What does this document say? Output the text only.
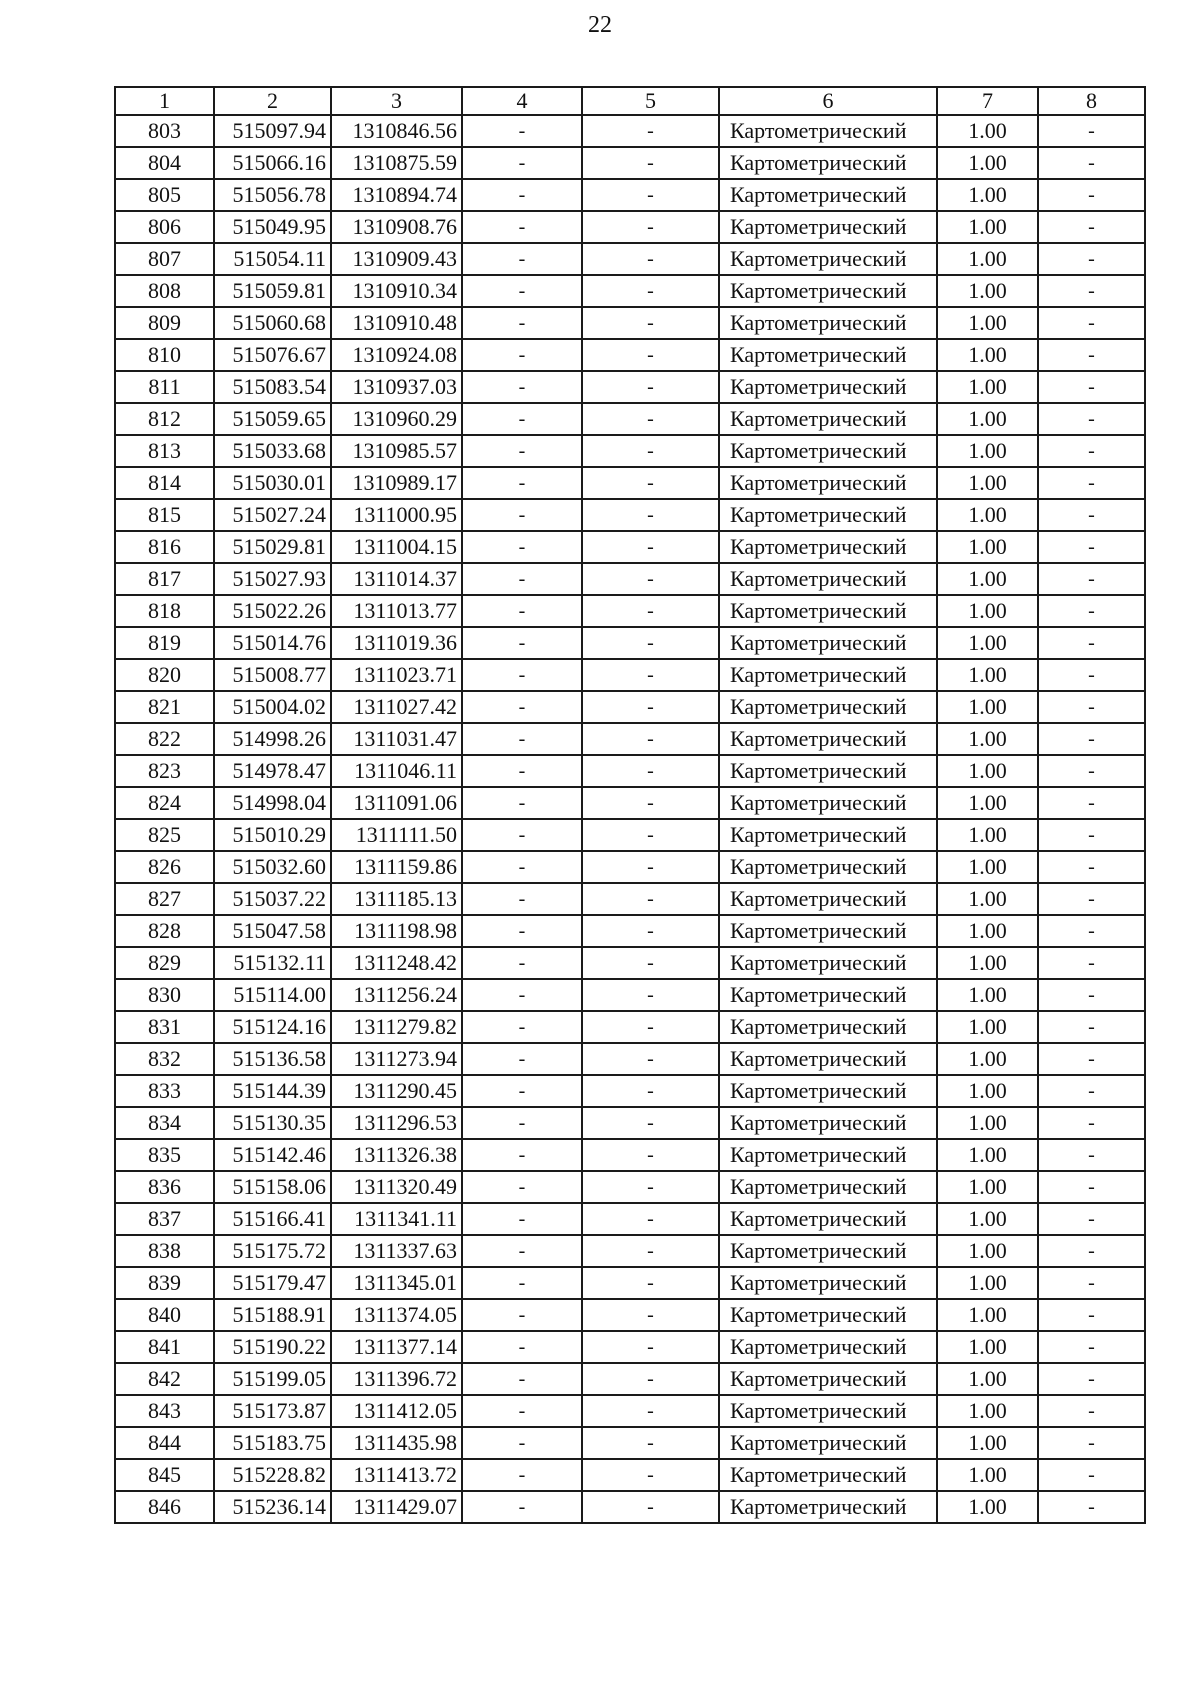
22
1	2	3	4	5	6	7	8
803	515097.94	1310846.56	-	-	Картометрический	1.00	-
804	515066.16	1310875.59	-	-	Картометрический	1.00	-
805	515056.78	1310894.74	-	-	Картометрический	1.00	-
806	515049.95	1310908.76	-	-	Картометрический	1.00	-
807	515054.11	1310909.43	-	-	Картометрический	1.00	-
808	515059.81	1310910.34	-	-	Картометрический	1.00	-
809	515060.68	1310910.48	-	-	Картометрический	1.00	-
810	515076.67	1310924.08	-	-	Картометрический	1.00	-
811	515083.54	1310937.03	-	-	Картометрический	1.00	-
812	515059.65	1310960.29	-	-	Картометрический	1.00	-
813	515033.68	1310985.57	-	-	Картометрический	1.00	-
814	515030.01	1310989.17	-	-	Картометрический	1.00	-
815	515027.24	1311000.95	-	-	Картометрический	1.00	-
816	515029.81	1311004.15	-	-	Картометрический	1.00	-
817	515027.93	1311014.37	-	-	Картометрический	1.00	-
818	515022.26	1311013.77	-	-	Картометрический	1.00	-
819	515014.76	1311019.36	-	-	Картометрический	1.00	-
820	515008.77	1311023.71	-	-	Картометрический	1.00	-
821	515004.02	1311027.42	-	-	Картометрический	1.00	-
822	514998.26	1311031.47	-	-	Картометрический	1.00	-
823	514978.47	1311046.11	-	-	Картометрический	1.00	-
824	514998.04	1311091.06	-	-	Картометрический	1.00	-
825	515010.29	1311111.50	-	-	Картометрический	1.00	-
826	515032.60	1311159.86	-	-	Картометрический	1.00	-
827	515037.22	1311185.13	-	-	Картометрический	1.00	-
828	515047.58	1311198.98	-	-	Картометрический	1.00	-
829	515132.11	1311248.42	-	-	Картометрический	1.00	-
830	515114.00	1311256.24	-	-	Картометрический	1.00	-
831	515124.16	1311279.82	-	-	Картометрический	1.00	-
832	515136.58	1311273.94	-	-	Картометрический	1.00	-
833	515144.39	1311290.45	-	-	Картометрический	1.00	-
834	515130.35	1311296.53	-	-	Картометрический	1.00	-
835	515142.46	1311326.38	-	-	Картометрический	1.00	-
836	515158.06	1311320.49	-	-	Картометрический	1.00	-
837	515166.41	1311341.11	-	-	Картометрический	1.00	-
838	515175.72	1311337.63	-	-	Картометрический	1.00	-
839	515179.47	1311345.01	-	-	Картометрический	1.00	-
840	515188.91	1311374.05	-	-	Картометрический	1.00	-
841	515190.22	1311377.14	-	-	Картометрический	1.00	-
842	515199.05	1311396.72	-	-	Картометрический	1.00	-
843	515173.87	1311412.05	-	-	Картометрический	1.00	-
844	515183.75	1311435.98	-	-	Картометрический	1.00	-
845	515228.82	1311413.72	-	-	Картометрический	1.00	-
846	515236.14	1311429.07	-	-	Картометрический	1.00	-
